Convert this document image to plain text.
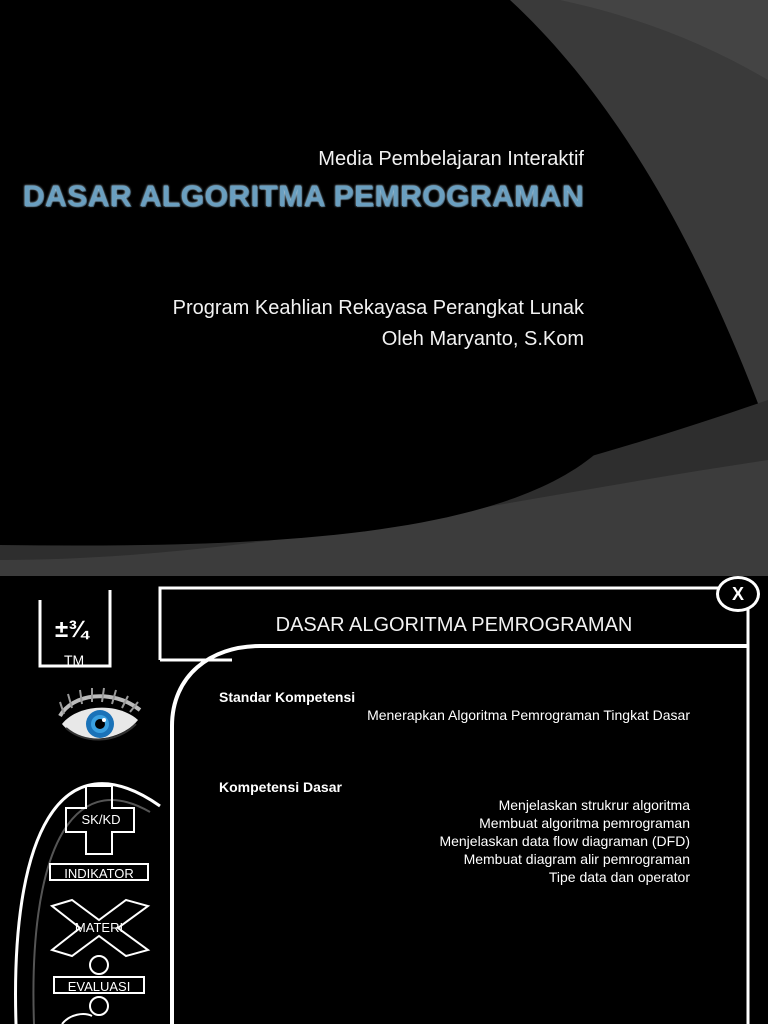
Media Pembelajaran Interaktif
DASAR ALGORITMA PEMROGRAMAN
Program Keahlian Rekayasa Perangkat Lunak
Oleh Maryanto, S.Kom
DASAR ALGORITMA PEMROGRAMAN
X
±¾
TM
SK/KD
INDIKATOR
MATERI
EVALUASI
Standar Kompetensi
Menerapkan Algoritma Pemrograman Tingkat Dasar
Kompetensi Dasar
Menjelaskan strukrur algoritma
Membuat algoritma pemrograman
Menjelaskan data flow diagraman (DFD)
Membuat diagram alir pemrograman
Tipe data dan operator
